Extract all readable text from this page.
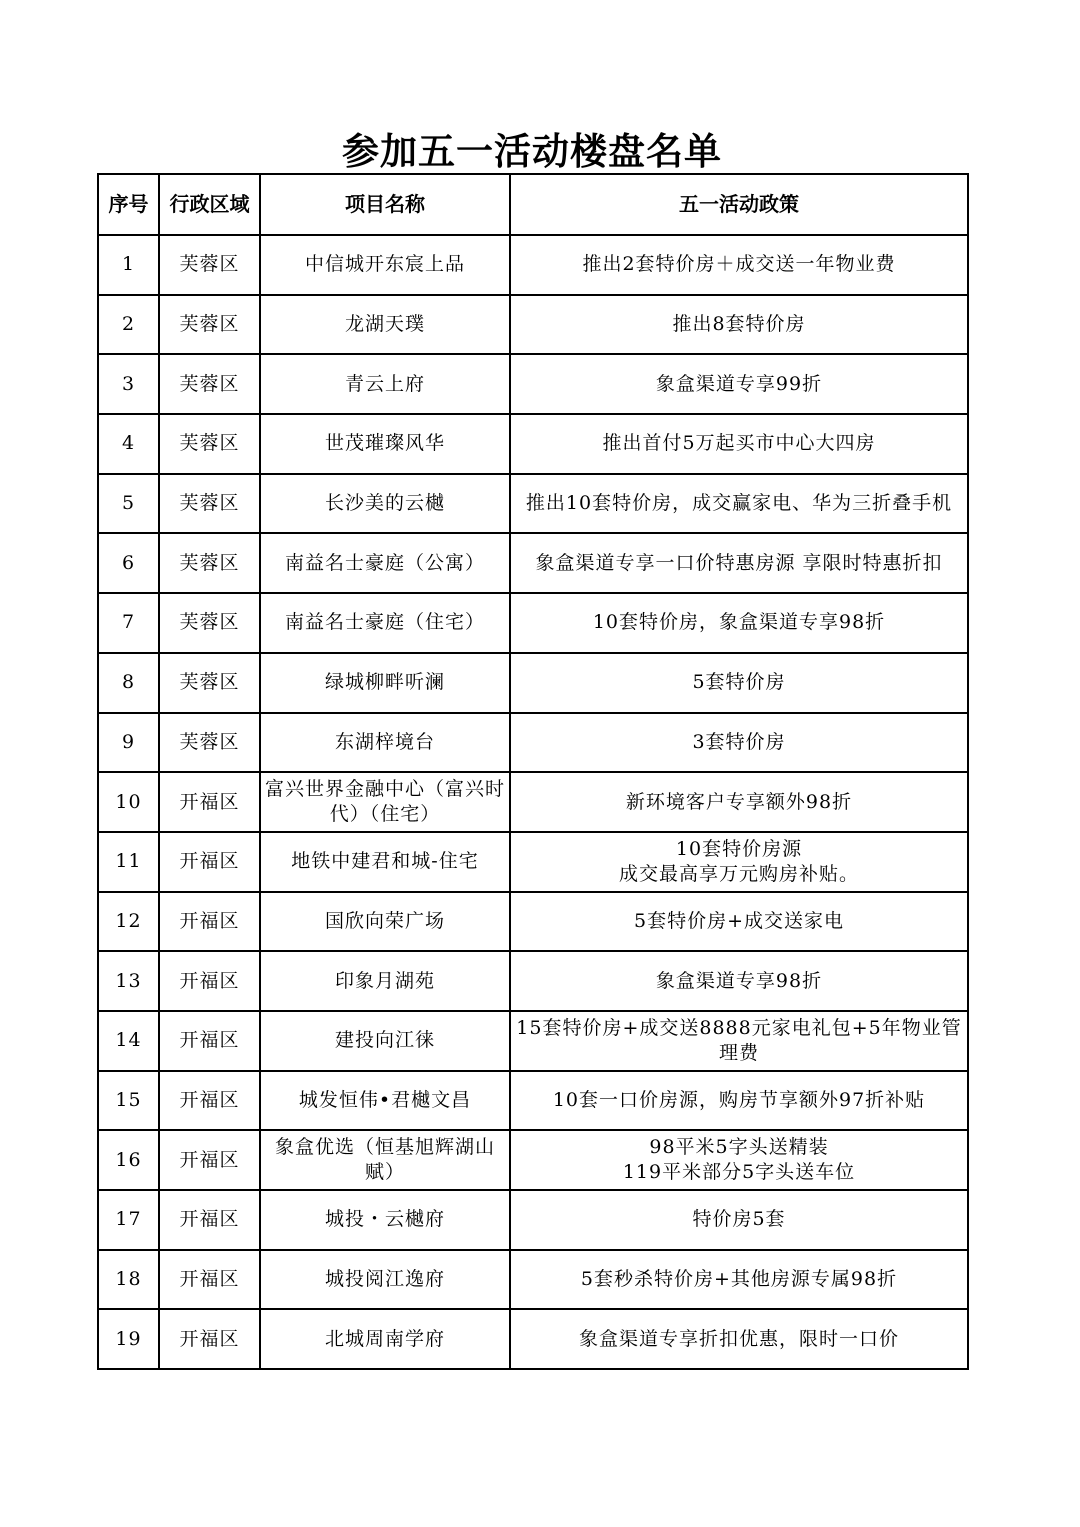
参加五一活动楼盘名单
序号	行政区域	项目名称	五一活动政策
1	芙蓉区	中信城开东宸上品	推出2套特价房＋成交送一年物业费
2	芙蓉区	龙湖天璞	推出8套特价房
3	芙蓉区	青云上府	象盒渠道专享99折
4	芙蓉区	世茂璀璨风华	推出首付5万起买市中心大四房
5	芙蓉区	长沙美的云樾	推出10套特价房，成交赢家电、华为三折叠手机
6	芙蓉区	南益名士豪庭（公寓）	象盒渠道专享一口价特惠房源 享限时特惠折扣
7	芙蓉区	南益名士豪庭（住宅）	10套特价房，象盒渠道专享98折
8	芙蓉区	绿城柳畔听澜	5套特价房
9	芙蓉区	东湖梓境台	3套特价房
10	开福区	富兴世界金融中心（富兴时代）（住宅）	新环境客户专享额外98折
11	开福区	地铁中建君和城-住宅	10套特价房源
成交最高享万元购房补贴。
12	开福区	国欣向荣广场	5套特价房+成交送家电
13	开福区	印象月湖苑	象盒渠道专享98折
14	开福区	建投向江徕	15套特价房+成交送8888元家电礼包+5年物业管理费
15	开福区	城发恒伟•君樾文昌	10套一口价房源，购房节享额外97折补贴
16	开福区	象盒优选（恒基旭辉湖山赋）	98平米5字头送精装
119平米部分5字头送车位
17	开福区	城投・云樾府	特价房5套
18	开福区	城投阅江逸府	5套秒杀特价房+其他房源专属98折
19	开福区	北城周南学府	象盒渠道专享折扣优惠，限时一口价
